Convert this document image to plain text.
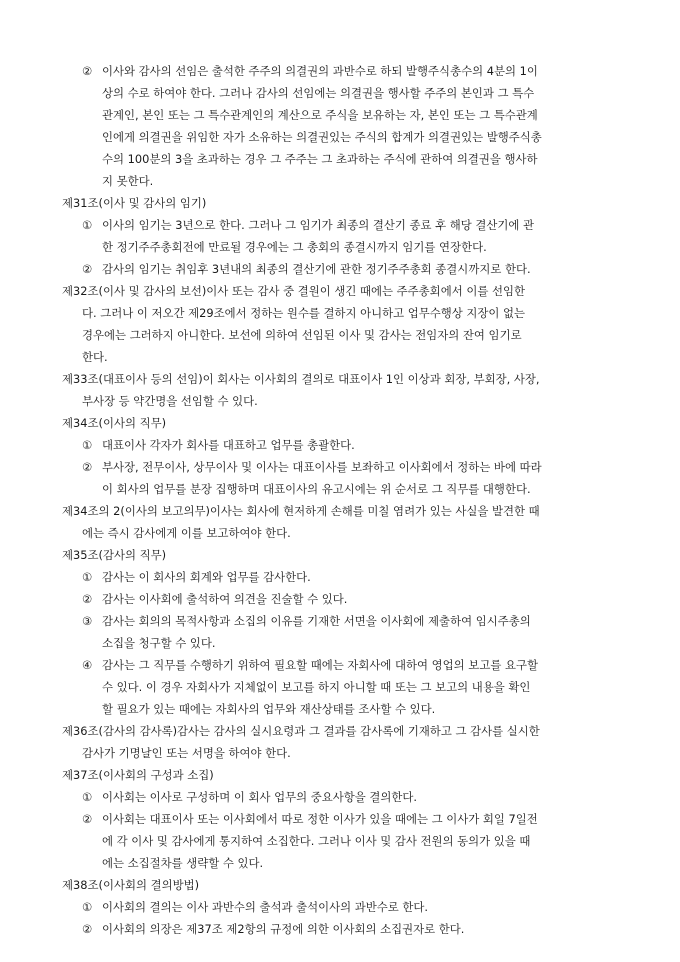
② 이사와 감사의 선임은 출석한 주주의 의결권의 과반수로 하되 발행주식총수의 4분의 1이
상의 수로 하여야 한다. 그러나 감사의 선임에는 의결권을 행사할 주주의 본인과 그 특수
관계인, 본인 또는 그 특수관계인의 계산으로 주식을 보유하는 자, 본인 또는 그 특수관계
인에게 의결권을 위임한 자가 소유하는 의결권있는 주식의 합계가 의결권있는 발행주식총
수의 100분의 3을 초과하는 경우 그 주주는 그 초과하는 주식에 관하여 의결권을 행사하
지 못한다.
제31조(이사 및 감사의 임기)
① 이사의 임기는 3년으로 한다. 그러나 그 임기가 최종의 결산기 종료 후 해당 결산기에 관
한 정기주주총회전에 만료될 경우에는 그 총회의 종결시까지 임기를 연장한다.
② 감사의 임기는 취임후 3년내의 최종의 결산기에 관한 정기주주총회 종결시까지로 한다.
제32조(이사 및 감사의 보선)이사 또는 감사 중 결원이 생긴 때에는 주주총회에서 이를 선임한
다. 그러나 이 저오간 제29조에서 정하는 원수를 결하지 아니하고 업무수행상 지장이 없는
경우에는 그러하지 아니한다. 보선에 의하여 선임된 이사 및 감사는 전임자의 잔여 임기로
한다.
제33조(대표이사 등의 선임)이 회사는 이사회의 결의로 대표이사 1인 이상과 회장, 부회장, 사장,
부사장 등 약간명을 선임할 수 있다.
제34조(이사의 직무)
① 대표이사 각자가 회사를 대표하고 업무를 총괄한다.
② 부사장, 전무이사, 상무이사 및 이사는 대표이사를 보좌하고 이사회에서 정하는 바에 따라
이 회사의 업무를 분장 집행하며 대표이사의 유고시에는 위 순서로 그 직무를 대행한다.
제34조의 2(이사의 보고의무)이사는 회사에 현저하게 손해를 미칠 염려가 있는 사실을 발견한 때
에는 즉시 감사에게 이를 보고하여야 한다.
제35조(감사의 직무)
① 감사는 이 회사의 회계와 업무를 감사한다.
② 감사는 이사회에 출석하여 의견을 진술할 수 있다.
③ 감사는 회의의 목적사항과 소집의 이유를 기재한 서면을 이사회에 제출하여 임시주총의
소집을 청구할 수 있다.
④ 감사는 그 직무를 수행하기 위하여 필요할 때에는 자회사에 대하여 영업의 보고를 요구할
수 있다. 이 경우 자회사가 지체없이 보고를 하지 아니할 때 또는 그 보고의 내용을 확인
할 필요가 있는 때에는 자회사의 업무와 재산상태를 조사할 수 있다.
제36조(감사의 감사록)감사는 감사의 실시요령과 그 결과를 감사록에 기재하고 그 감사를 실시한
감사가 기명날인 또는 서명을 하여야 한다.
제37조(이사회의 구성과 소집)
① 이사회는 이사로 구성하며 이 회사 업무의 중요사항을 결의한다.
② 이사회는 대표이사 또는 이사회에서 따로 정한 이사가 있을 때에는 그 이사가 회일 7일전
에 각 이사 및 감사에게 통지하여 소집한다. 그러나 이사 및 감사 전원의 동의가 있을 때
에는 소집절차를 생략할 수 있다.
제38조(이사회의 결의방법)
① 이사회의 결의는 이사 과반수의 출석과 출석이사의 과반수로 한다.
② 이사회의 의장은 제37조 제2항의 규정에 의한 이사회의 소집권자로 한다.
